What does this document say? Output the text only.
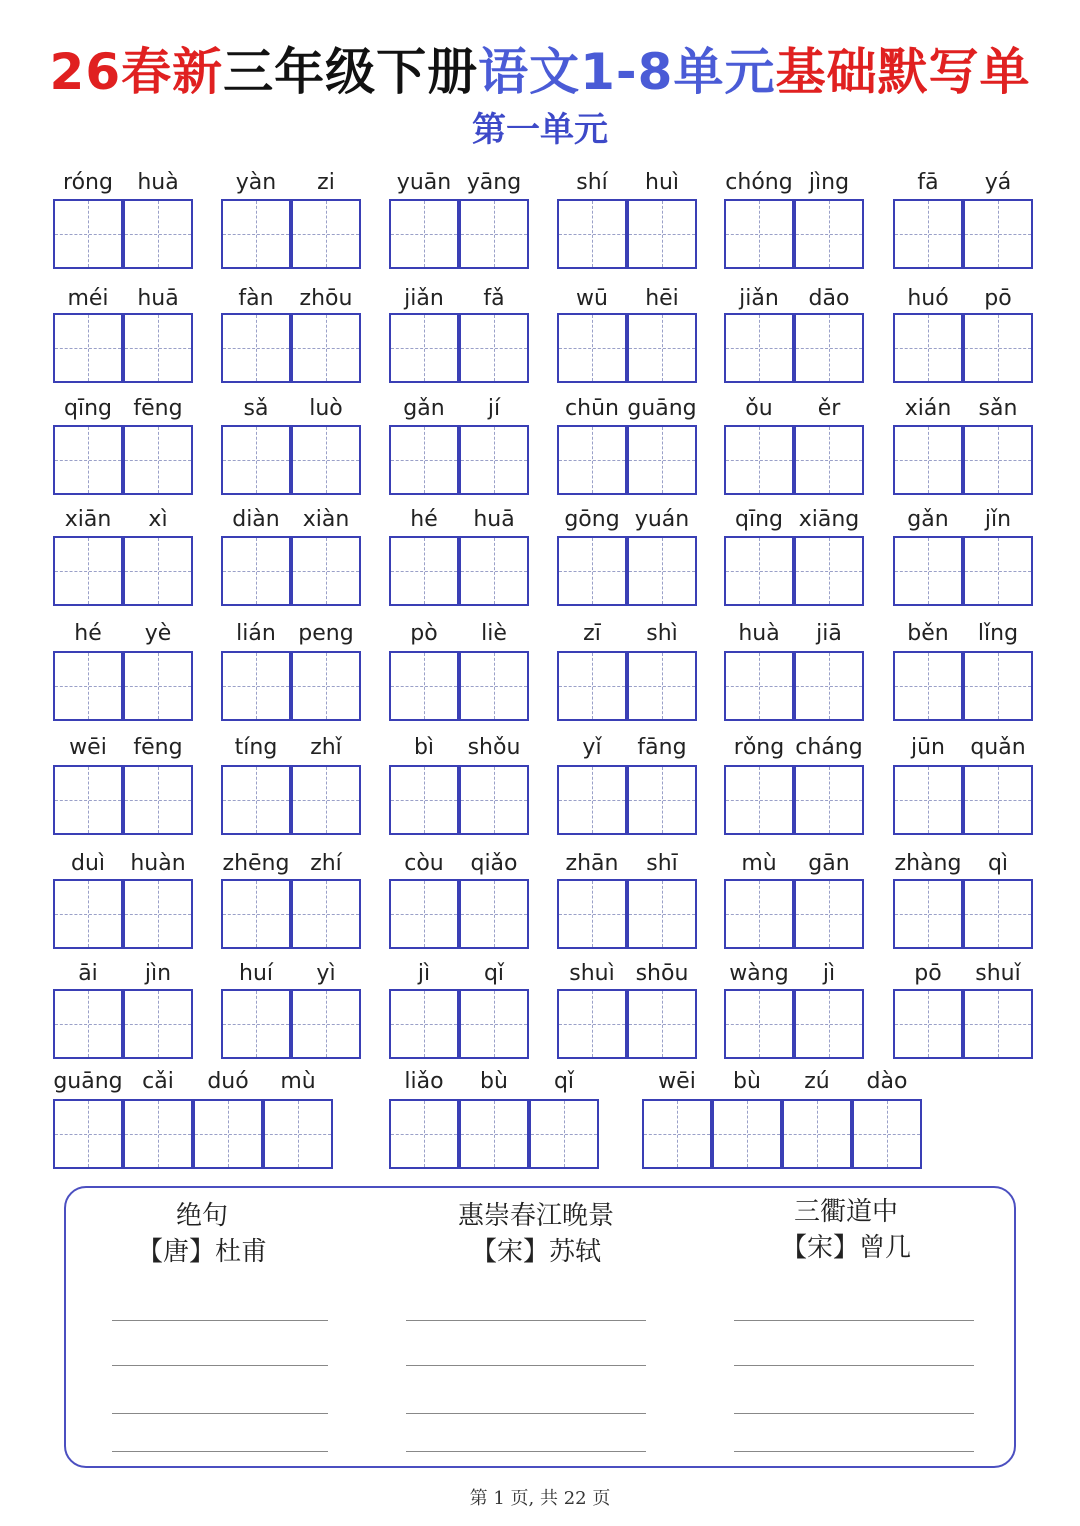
26春新三年级下册语文1-8单元基础默写单
第一单元
róng	huà	yàn	zi	yuān yāng	shí	huì	chóng jìng	fā	yá
méi	huā	fàn	zhōu	jiǎn	fǎ	wū	hēi	jiǎn	dāo	huó	pō
qīng fēng	sǎ	luò	gǎn	jí	chūn guāng	ǒu	ěr	xián	sǎn
xiān	xì	diàn	xiàn	hé	huā	gōng yuán	qīng xiāng	gǎn	jǐn
hé	yè	lián	peng	pò	liè	zī	shì	huà	jiā	běn	lǐng
wēi	fēng	tíng	zhǐ	bì	shǒu	yǐ	fāng	rǒng cháng	jūn	quǎn
duì	huàn	zhēng zhí	còu	qiǎo	zhān	shī	mù	gān	zhàng	qì
āi	jìn	huí	yì	jì	qǐ	shuì shōu	wàng	jì	pō	shuǐ
guāng cǎi	duó	mù	liǎo	bù	qǐ	wēi	bù	zú	dào
绝句
【唐】杜甫
惠崇春江晚景
【宋】苏轼
三衢道中
【宋】曾几
第 1 页, 共 22 页
